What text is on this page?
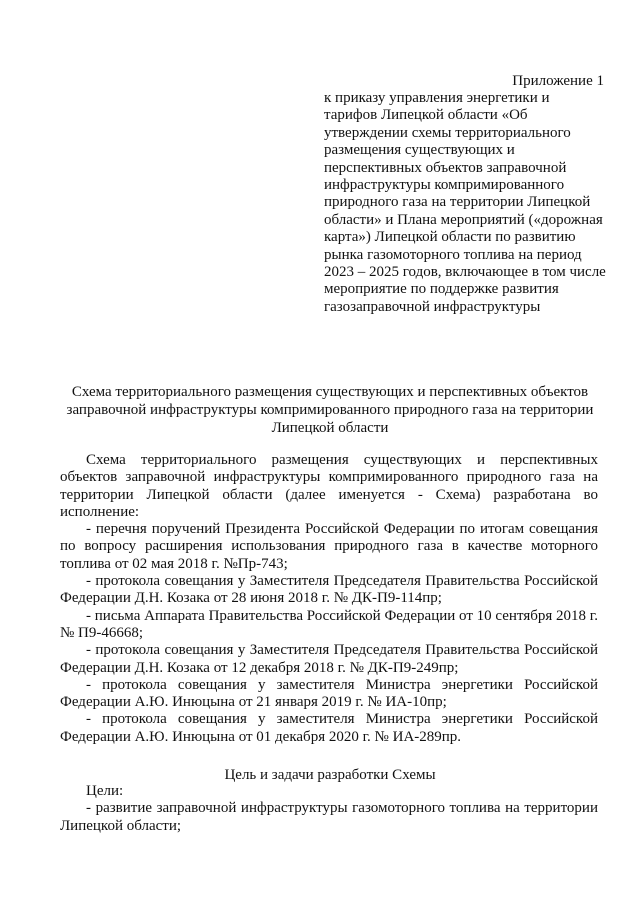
Приложение 1
к приказу управления энергетики и тарифов Липецкой области «Об утверждении схемы территориального размещения существующих и перспективных объектов заправочной инфраструктуры компримированного природного газа на территории Липецкой области» и Плана мероприятий («дорожная карта») Липецкой области по развитию рынка газомоторного топлива на период 2023 – 2025 годов, включающее в том числе мероприятие по поддержке развития газозаправочной инфраструктуры
Схема территориального размещения существующих и перспективных объектов заправочной инфраструктуры компримированного природного газа на территории Липецкой области

Схема территориального размещения существующих и перспективных объектов заправочной инфраструктуры компримированного природного газа на территории Липецкой области (далее именуется - Схема) разработана во исполнение:

- перечня поручений Президента Российской Федерации по итогам совещания по вопросу расширения использования природного газа в качестве моторного топлива от 02 мая 2018 г. №Пр-743;

- протокола совещания у Заместителя Председателя Правительства Российской Федерации Д.Н. Козака от 28 июня 2018 г. № ДК-П9-114пр;

- письма Аппарата Правительства Российской Федерации от 10 сентября 2018 г. № П9-46668;

- протокола совещания у Заместителя Председателя Правительства Российской Федерации Д.Н. Козака от 12 декабря 2018 г. № ДК-П9-249пр;

- протокола совещания у заместителя Министра энергетики Российской Федерации А.Ю. Инюцына от 21 января 2019 г. № ИА-10пр;

- протокола совещания у заместителя Министра энергетики Российской Федерации А.Ю. Инюцына от 01 декабря 2020 г. № ИА-289пр.

Цель и задачи разработки Схемы

Цели:

- развитие заправочной инфраструктуры газомоторного топлива на территории Липецкой области;
